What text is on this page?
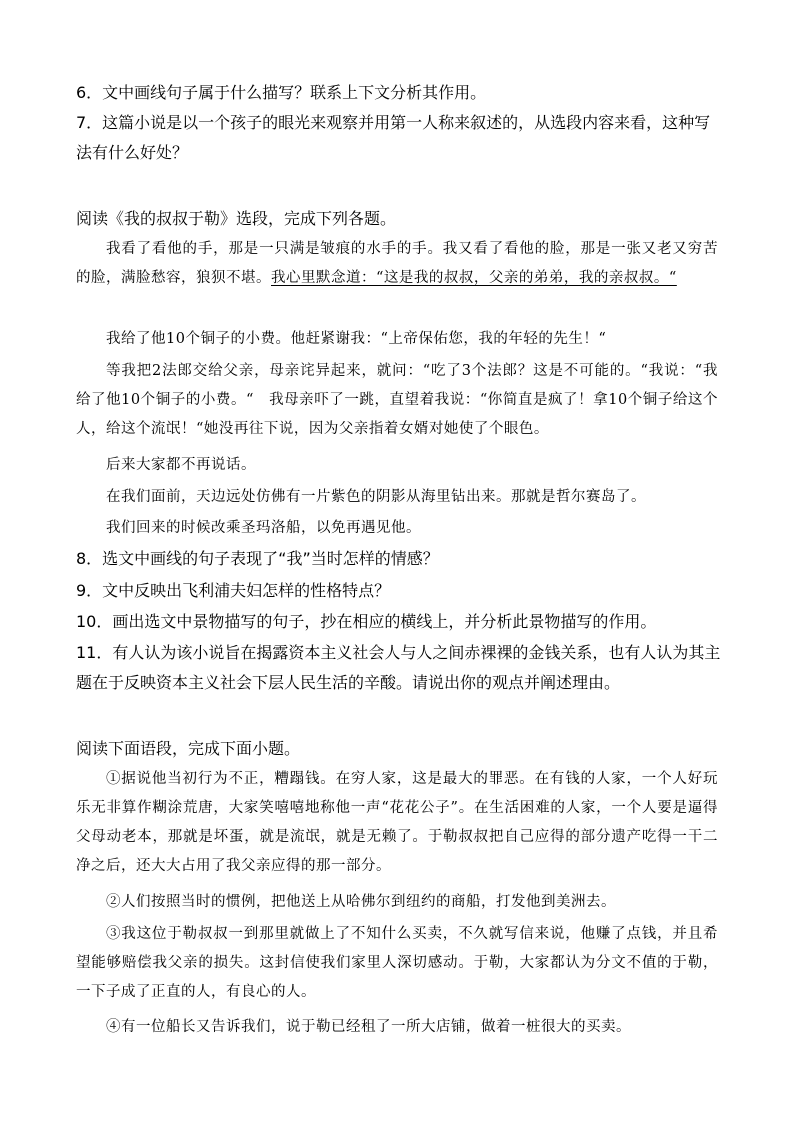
6．文中画线句子属于什么描写？联系上下文分析其作用。
7．这篇小说是以一个孩子的眼光来观察并用第一人称来叙述的，从选段内容来看，这种写法有什么好处？
阅读《我的叔叔于勒》选段，完成下列各题。
我看了看他的手，那是一只满是皱痕的水手的手。我又看了看他的脸，那是一张又老又穷苦的脸，满脸愁容，狼狈不堪。我心里默念道：“这是我的叔叔，父亲的弟弟，我的亲叔叔。“
我给了他10个铜子的小费。他赶紧谢我：“上帝保佑您，我的年轻的先生！“
等我把2法郎交给父亲，母亲诧异起来，就问：“吃了3个法郎？这是不可能的。“我说：“我给了他10个铜子的小费。“　我母亲吓了一跳，直望着我说：“你简直是疯了！拿10个铜子给这个人，给这个流氓！“她没再往下说，因为父亲指着女婿对她使了个眼色。
后来大家都不再说话。
在我们面前，天边远处仿佛有一片紫色的阴影从海里钻出来。那就是哲尔赛岛了。
我们回来的时候改乘圣玛洛船，以免再遇见他。
8．选文中画线的句子表现了“我”当时怎样的情感？
9．文中反映出飞利浦夫妇怎样的性格特点？
10．画出选文中景物描写的句子，抄在相应的横线上，并分析此景物描写的作用。
11．有人认为该小说旨在揭露资本主义社会人与人之间赤裸裸的金钱关系，也有人认为其主题在于反映资本主义社会下层人民生活的辛酸。请说出你的观点并阐述理由。
阅读下面语段，完成下面小题。
①据说他当初行为不正，糟蹋钱。在穷人家，这是最大的罪恶。在有钱的人家，一个人好玩乐无非算作糊涂荒唐，大家笑嘻嘻地称他一声“花花公子”。在生活困难的人家，一个人要是逼得父母动老本，那就是坏蛋，就是流氓，就是无赖了。于勒叔叔把自己应得的部分遗产吃得一干二净之后，还大大占用了我父亲应得的那一部分。
②人们按照当时的惯例，把他送上从哈佛尔到纽约的商船，打发他到美洲去。
③我这位于勒叔叔一到那里就做上了不知什么买卖，不久就写信来说，他赚了点钱，并且希望能够赔偿我父亲的损失。这封信使我们家里人深切感动。于勒，大家都认为分文不值的于勒，一下子成了正直的人，有良心的人。
④有一位船长又告诉我们，说于勒已经租了一所大店铺，做着一桩很大的买卖。
